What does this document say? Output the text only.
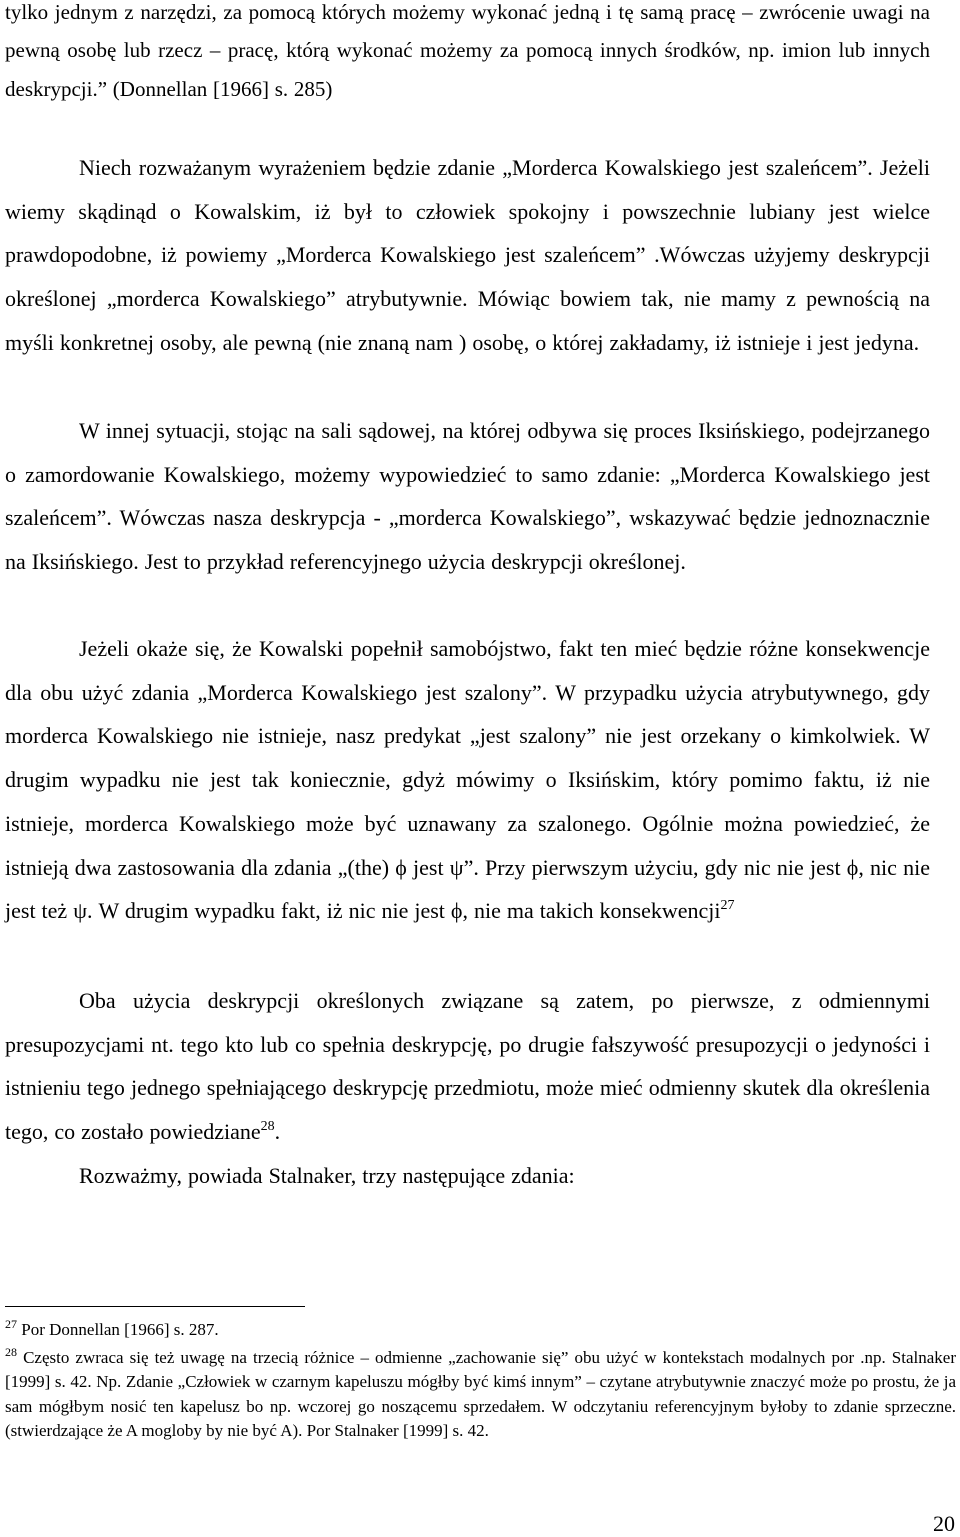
tylko jednym z narzędzi, za pomocą których możemy wykonać jedną i tę samą pracę – zwrócenie uwagi na pewną osobę lub rzecz – pracę, którą wykonać możemy za pomocą innych środków, np. imion lub innych deskrypcji.” (Donnellan [1966] s. 285)

Niech rozważanym wyrażeniem będzie zdanie „Morderca Kowalskiego jest szaleńcem”. Jeżeli wiemy skądinąd o Kowalskim, iż był to człowiek spokojny i powszechnie lubiany jest wielce prawdopodobne, iż powiemy „Morderca Kowalskiego jest szaleńcem” .Wówczas użyjemy deskrypcji określonej „morderca Kowalskiego” atrybutywnie. Mówiąc bowiem tak, nie mamy z pewnością na myśli konkretnej osoby, ale pewną (nie znaną nam ) osobę, o której zakładamy, iż istnieje i jest jedyna.

W innej sytuacji, stojąc na sali sądowej, na której odbywa się proces Iksińskiego, podejrzanego o zamordowanie Kowalskiego, możemy wypowiedzieć to samo zdanie: „Morderca Kowalskiego jest szaleńcem”. Wówczas nasza deskrypcja - „morderca Kowalskiego”, wskazywać będzie jednoznacznie na Iksińskiego. Jest to przykład referencyjnego użycia deskrypcji określonej.

Jeżeli okaże się, że Kowalski popełnił samobójstwo, fakt ten mieć będzie różne konsekwencje dla obu użyć zdania „Morderca Kowalskiego jest szalony”. W przypadku użycia atrybutywnego, gdy morderca Kowalskiego nie istnieje, nasz predykat „jest szalony” nie jest orzekany o kimkolwiek. W drugim wypadku nie jest tak koniecznie, gdyż mówimy o Iksińskim, który pomimo faktu, iż nie istnieje, morderca Kowalskiego może być uznawany za szalonego. Ogólnie można powiedzieć, że istnieją dwa zastosowania dla zdania „(the) ϕ jest ψ”. Przy pierwszym użyciu, gdy nic nie jest ϕ, nic nie jest też ψ. W drugim wypadku fakt, iż nic nie jest ϕ, nie ma takich konsekwencji$^{27}$

Oba użycia deskrypcji określonych związane są zatem, po pierwsze, z odmiennymi presupozycjami nt. tego kto lub co spełnia deskrypcję, po drugie fałszywość presupozycji o jedyności i istnieniu tego jednego spełniającego deskrypcję przedmiotu, może mieć odmienny skutek dla określenia tego, co zostało powiedziane$^{28}$.

Rozważmy, powiada Stalnaker, trzy następujące zdania:

$^{27}$ Por Donnellan [1966] s. 287.

$^{28}$ Często zwraca się też uwagę na trzecią różnice – odmienne „zachowanie się” obu użyć w kontekstach modalnych por .np. Stalnaker [1999] s. 42. Np. Zdanie „Człowiek w czarnym kapeluszu mógłby być kimś innym” – czytane atrybutywnie znaczyć może po prostu, że ja sam mógłbym nosić ten kapelusz bo np. wczorej go noszącemu sprzedałem. W odczytaniu referencyjnym byłoby to zdanie sprzeczne. (stwierdzające że A mogloby by nie być A). Por Stalnaker [1999] s. 42.

20
